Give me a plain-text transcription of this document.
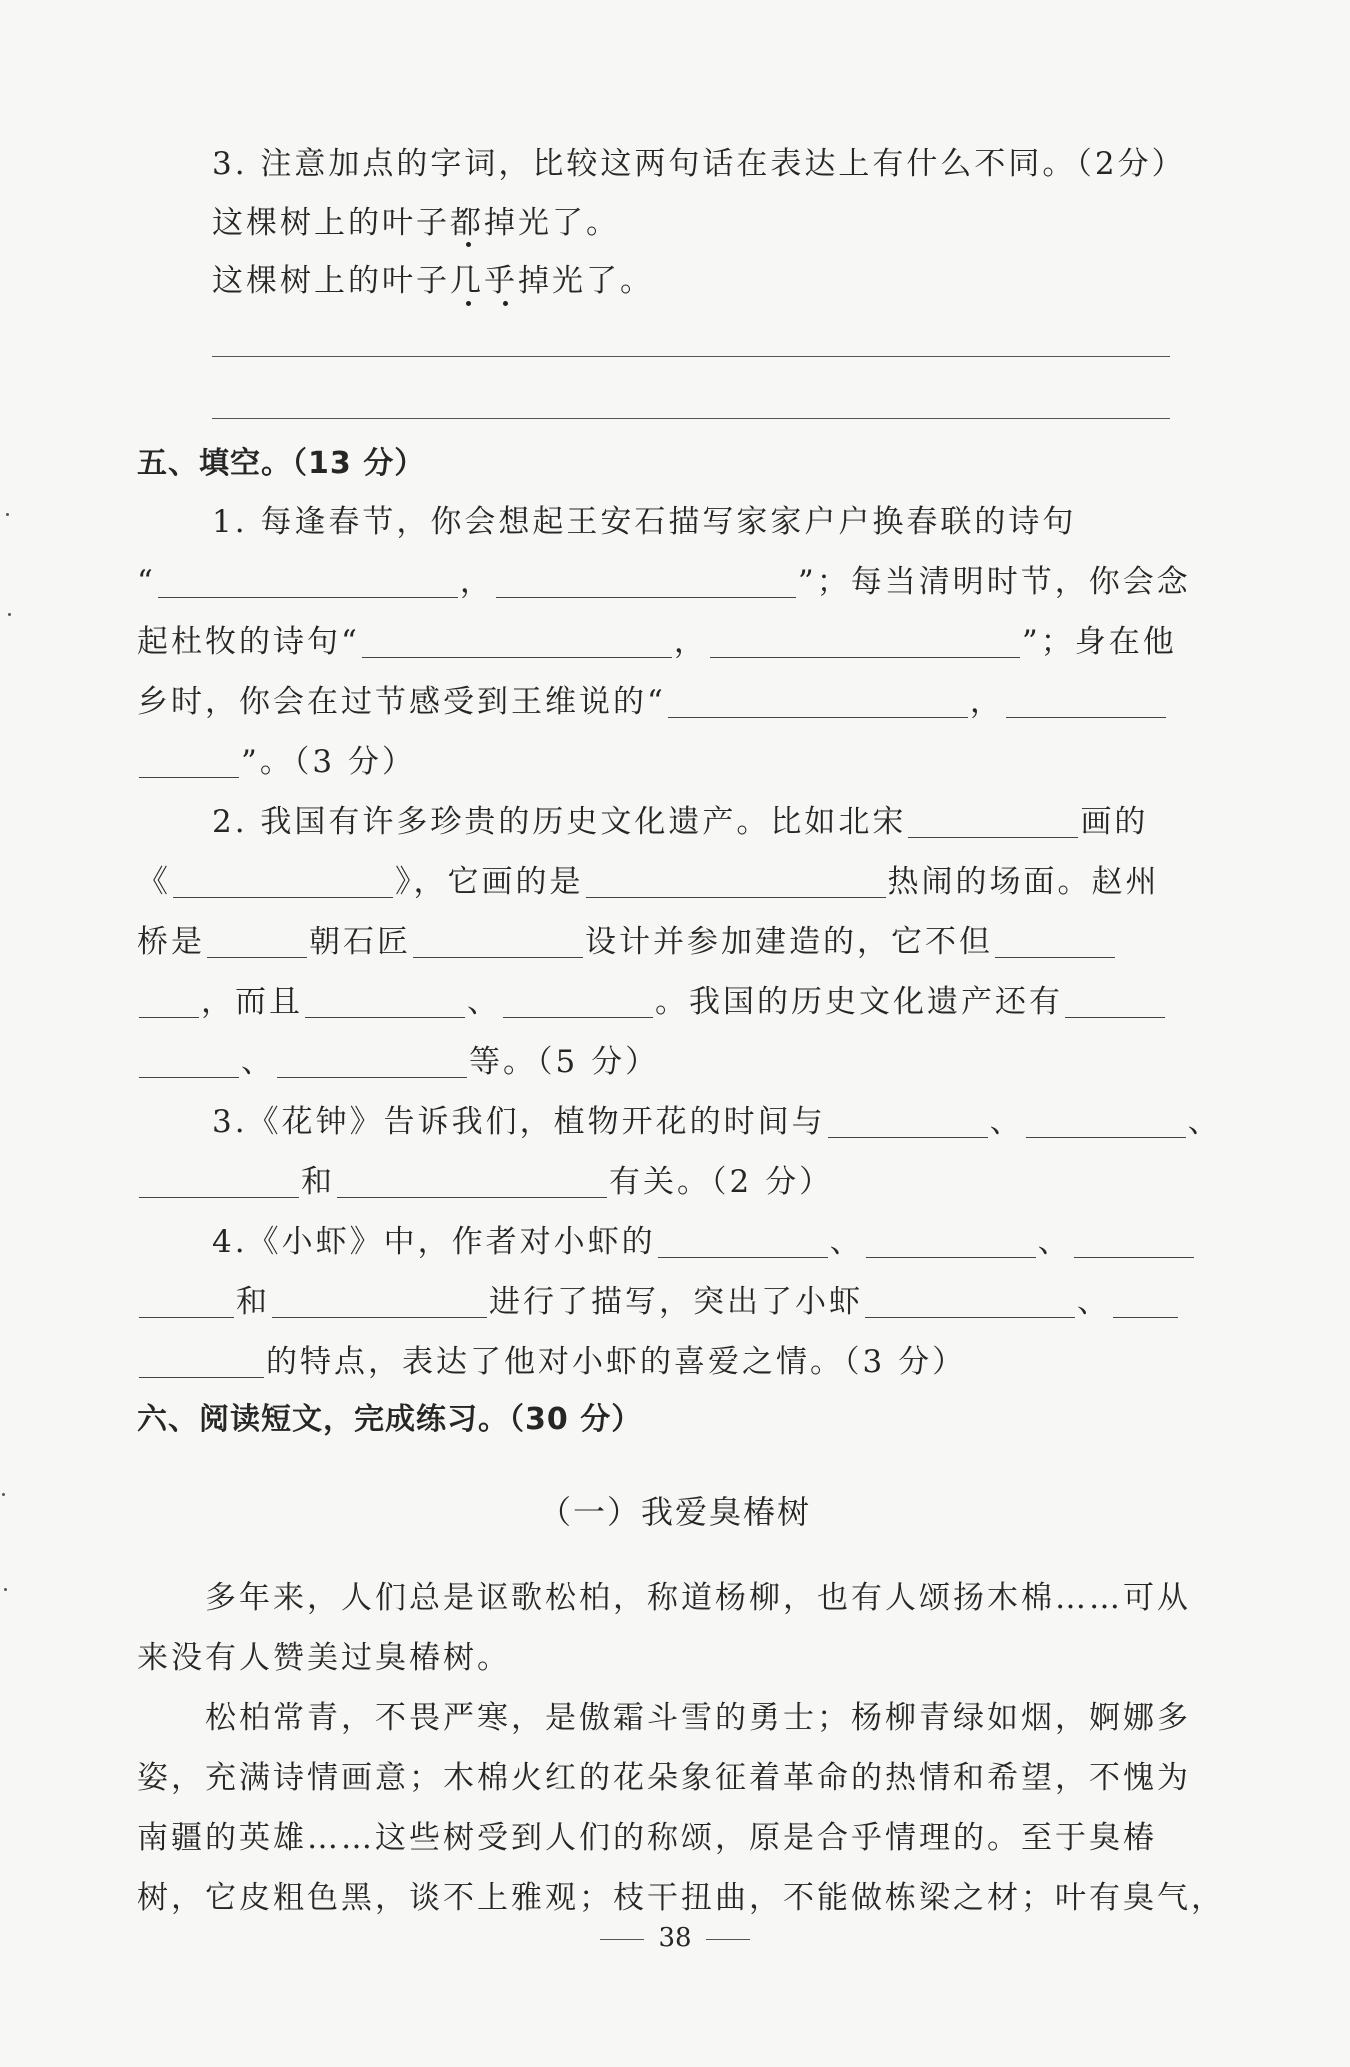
3. 注意加点的字词，比较这两句话在表达上有什么不同。（2分）
这棵树上的叶子都掉光了。
这棵树上的叶子几乎掉光了。
五、填空。（13 分）
1. 每逢春节，你会想起王安石描写家家户户换春联的诗句
“	，	”；每当清明时节，你会念
起杜牧的诗句“	，	”；身在他
乡时，你会在过节感受到王维说的“	，
”。（3 分）
2. 我国有许多珍贵的历史文化遗产。比如北宋	画的
《	》，它画的是	热闹的场面。赵州
桥是	朝石匠	设计并参加建造的，它不但
，而且	、	。我国的历史文化遗产还有
、	等。（5 分）
3.《花钟》告诉我们，植物开花的时间与	、	、
和	有关。（2 分）
4.《小虾》中，作者对小虾的	、	、
和	进行了描写，突出了小虾	、
的特点，表达了他对小虾的喜爱之情。（3 分）
六、阅读短文，完成练习。（30 分）
（一）我爱臭椿树
多年来，人们总是讴歌松柏，称道杨柳，也有人颂扬木棉……可从
来没有人赞美过臭椿树。
松柏常青，不畏严寒，是傲霜斗雪的勇士；杨柳青绿如烟，婀娜多
姿，充满诗情画意；木棉火红的花朵象征着革命的热情和希望，不愧为
南疆的英雄……这些树受到人们的称颂，原是合乎情理的。至于臭椿
树，它皮粗色黑，谈不上雅观；枝干扭曲，不能做栋梁之材；叶有臭气，
38
